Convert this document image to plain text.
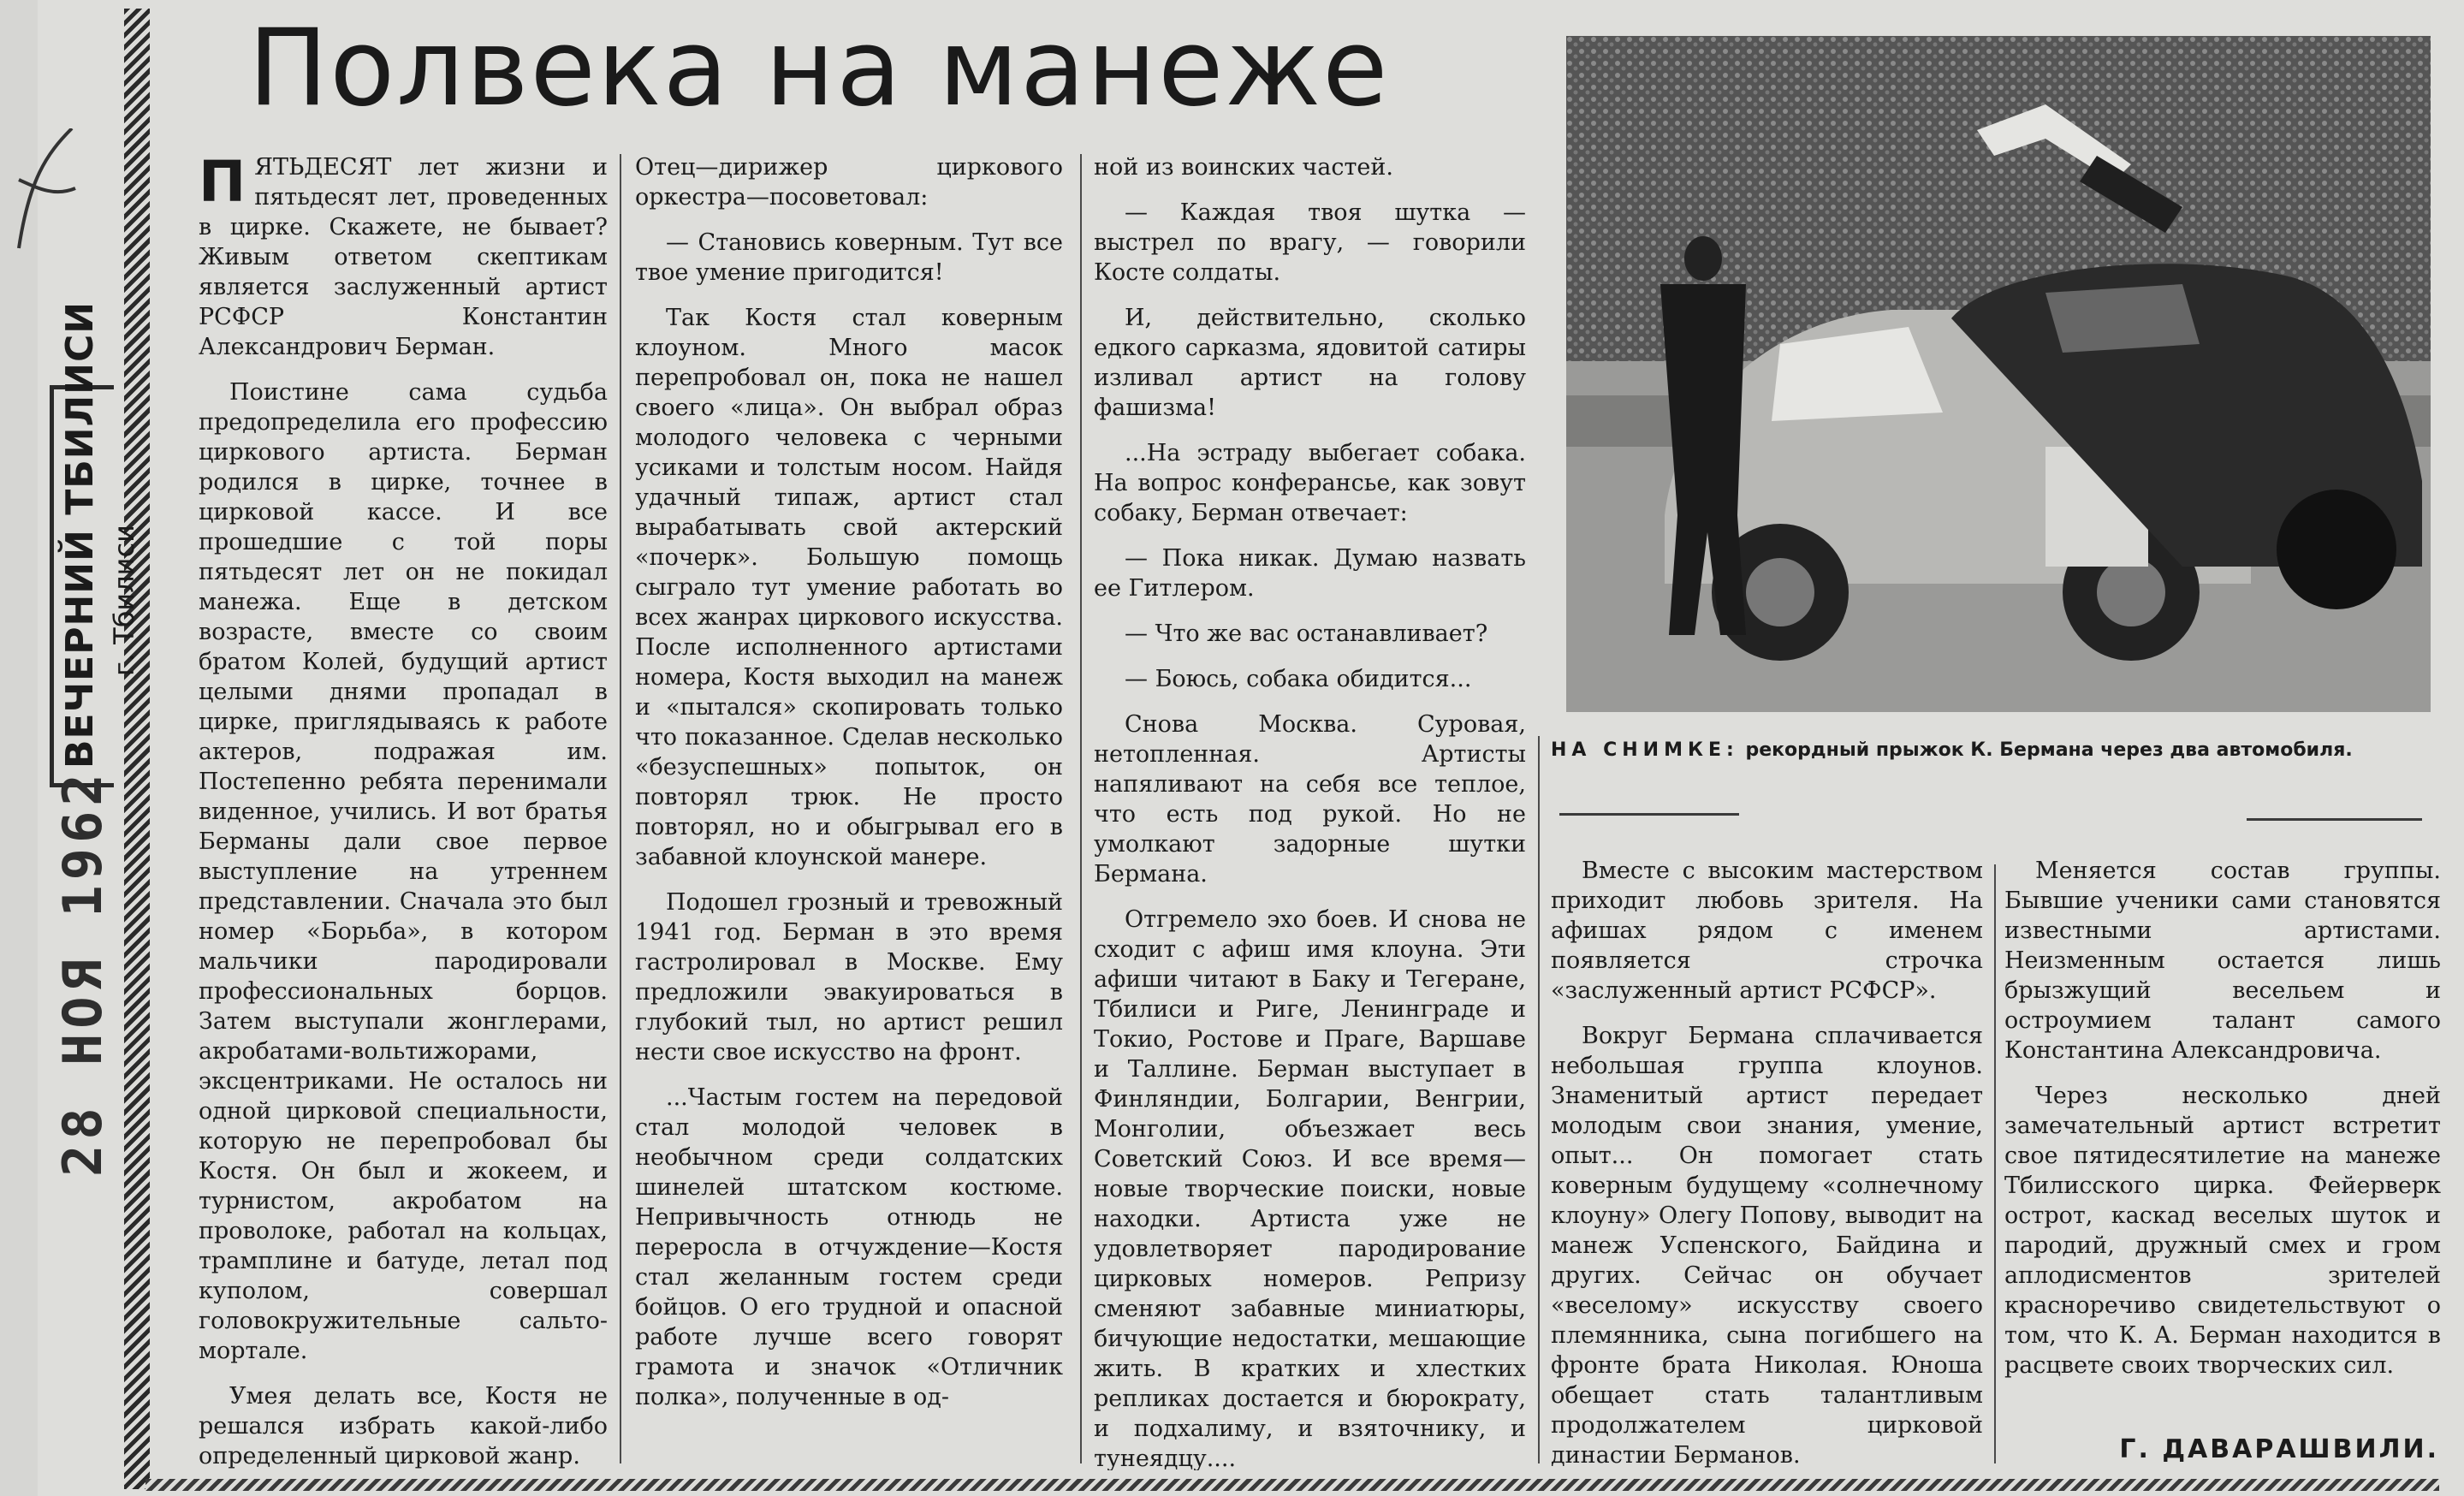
ВЕЧЕРНИЙ ТБИЛИСИ г. Тбилиси
28 НОЯ 1962
Полвека на манеже

ПЯТЬДЕСЯТ лет жизни и пятьдесят лет, проведенных в цирке. Скажете, не бывает? Живым ответом скептикам является заслуженный артист РСФСР Константин Александрович Берман.

Поистине сама судьба предопределила его профессию циркового артиста. Берман родился в цирке, точнее в цирковой кассе. И все прошедшие с той поры пятьдесят лет он не покидал манежа. Еще в детском возрасте, вместе со своим братом Колей, будущий артист целыми днями пропадал в цирке, приглядываясь к работе актеров, подражая им. Постепенно ребята перенимали виденное, учились. И вот братья Берманы дали свое первое выступление на утреннем представлении. Сначала это был номер «Борьба», в котором мальчики пародировали профессиональных борцов. Затем выступали жонглерами, акробатами-вольтижорами, эксцентриками. Не осталось ни одной цирковой специальности, которую не перепробовал бы Костя. Он был и жокеем, и турнистом, акробатом на проволоке, работал на кольцах, трамплине и батуде, летал под куполом, совершал головокружительные сальто-мортале.

Умея делать все, Костя не решался избрать какой-либо определенный цирковой жанр.

Отец—дирижер циркового оркестра—посоветовал:

— Становись коверным. Тут все твое умение пригодится!

Так Костя стал коверным клоуном. Много масок перепробовал он, пока не нашел своего «лица». Он выбрал образ молодого человека с черными усиками и толстым носом. Найдя удачный типаж, артист стал вырабатывать свой актерский «почерк». Большую помощь сыграло тут умение работать во всех жанрах циркового искусства. После исполненного артистами номера, Костя выходил на манеж и «пытался» скопировать только что показанное. Сделав несколько «безуспешных» попыток, он повторял трюк. Не просто повторял, но и обыгрывал его в забавной клоунской манере.

Подошел грозный и тревожный 1941 год. Берман в это время гастролировал в Москве. Ему предложили эвакуироваться в глубокий тыл, но артист решил нести свое искусство на фронт.

...Частым гостем на передовой стал молодой человек в необычном среди солдатских шинелей штатском костюме. Непривычность отнюдь не переросла в отчуждение—Костя стал желанным гостем среди бойцов. О его трудной и опасной работе лучше всего говорят грамота и значок «Отличник полка», полученные в од-

ной из воинских частей.

— Каждая твоя шутка — выстрел по врагу, — говорили Косте солдаты.

И, действительно, сколько едкого сарказма, ядовитой сатиры изливал артист на голову фашизма!

...На эстраду выбегает собака. На вопрос конферансье, как зовут собаку, Берман отвечает:

— Пока никак. Думаю назвать ее Гитлером.

— Что же вас останавливает?

— Боюсь, собака обидится...

Снова Москва. Суровая, нетопленная. Артисты напяливают на себя все теплое, что есть под рукой. Но не умолкают задорные шутки Бермана.

Отгремело эхо боев. И снова не сходит с афиш имя клоуна. Эти афиши читают в Баку и Тегеране, Тбилиси и Риге, Ленинграде и Токио, Ростове и Праге, Варшаве и Таллине. Берман выступает в Финляндии, Болгарии, Венгрии, Монголии, объезжает весь Советский Союз. И все время—новые творческие поиски, новые находки. Артиста уже не удовлетворяет пародирование цирковых номеров. Репризу сменяют забавные миниатюры, бичующие недостатки, мешающие жить. В кратких и хлестких репликах достается и бюрократу, и подхалиму, и взяточнику, и тунеядцу....

НА СНИМКЕ: рекордный прыжок К. Бермана через два автомобиля.

Вместе с высоким мастерством приходит любовь зрителя. На афишах рядом с именем появляется строчка «заслуженный артист РСФСР».

Вокруг Бермана сплачивается небольшая группа клоунов. Знаменитый артист передает молодым свои знания, умение, опыт... Он помогает стать коверным будущему «солнечному клоуну» Олегу Попову, выводит на манеж Успенского, Байдина и других. Сейчас он обучает «веселому» искусству своего племянника, сына погибшего на фронте брата Николая. Юноша обещает стать талантливым продолжателем цирковой династии Берманов.

Меняется состав группы. Бывшие ученики сами становятся известными артистами. Неизменным остается лишь брызжущий весельем и остроумием талант самого Константина Александровича.

Через несколько дней замечательный артист встретит свое пятидесятилетие на манеже Тбилисского цирка. Фейерверк острот, каскад веселых шуток и пародий, дружный смех и гром аплодисментов зрителей красноречиво свидетельствуют о том, что К. А. Берман находится в расцвете своих творческих сил.

Г. ДАВАРАШВИЛИ.
